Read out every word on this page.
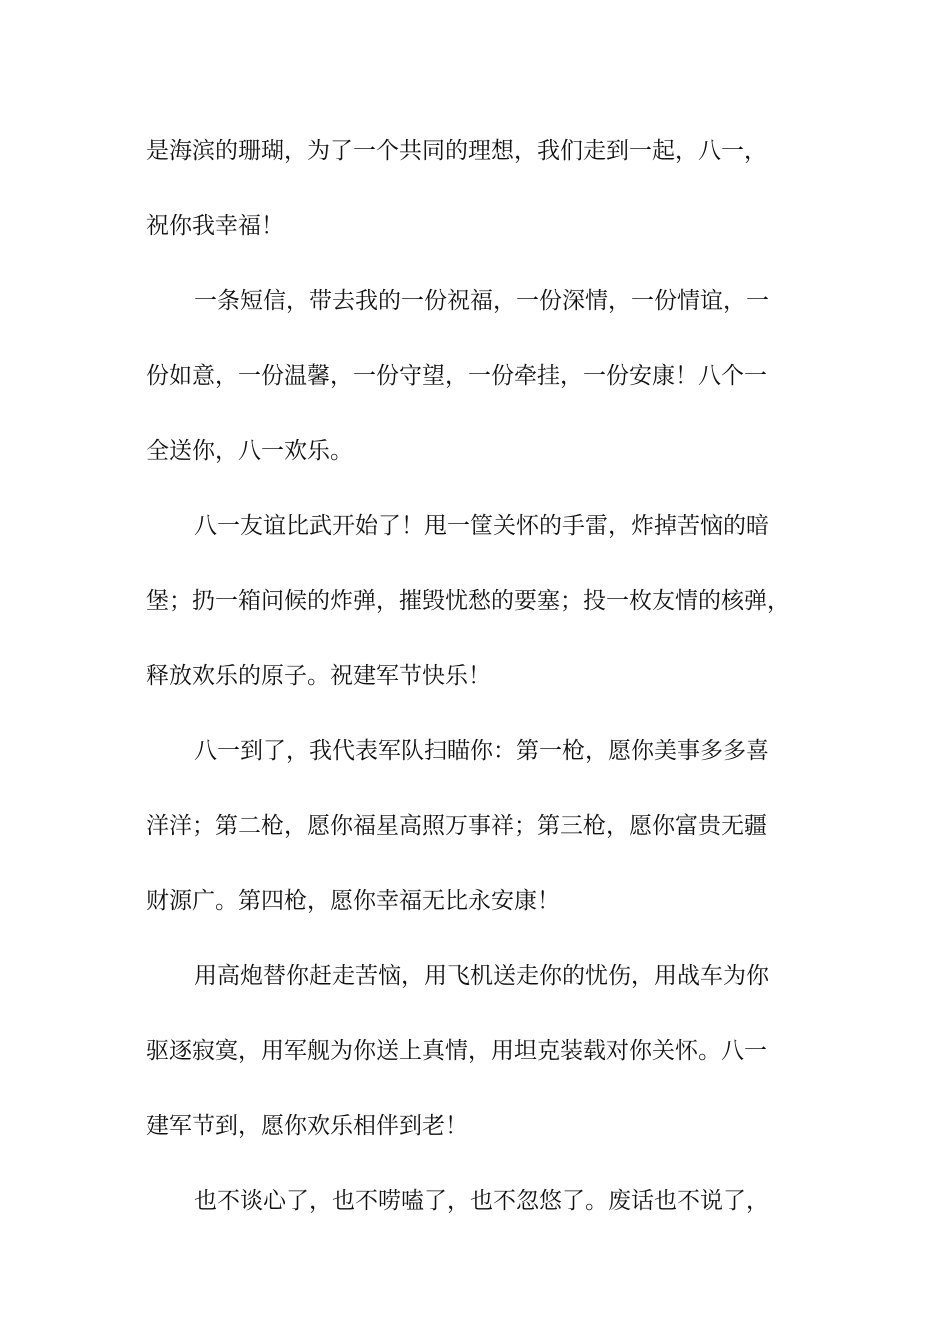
是海滨的珊瑚，为了一个共同的理想，我们走到一起，八一，
祝你我幸福！
一条短信，带去我的一份祝福，一份深情，一份情谊，一
份如意，一份温馨，一份守望，一份牵挂，一份安康！八个一
全送你，八一欢乐。
八一友谊比武开始了！甩一筐关怀的手雷，炸掉苦恼的暗
堡；扔一箱问候的炸弹，摧毁忧愁的要塞；投一枚友情的核弹，
释放欢乐的原子。祝建军节快乐！
八一到了，我代表军队扫瞄你：第一枪，愿你美事多多喜
洋洋；第二枪，愿你福星高照万事祥；第三枪，愿你富贵无疆
财源广。第四枪，愿你幸福无比永安康！
用高炮替你赶走苦恼，用飞机送走你的忧伤，用战车为你
驱逐寂寞，用军舰为你送上真情，用坦克装载对你关怀。八一
建军节到，愿你欢乐相伴到老！
也不谈心了，也不唠嗑了，也不忽悠了。废话也不说了，
